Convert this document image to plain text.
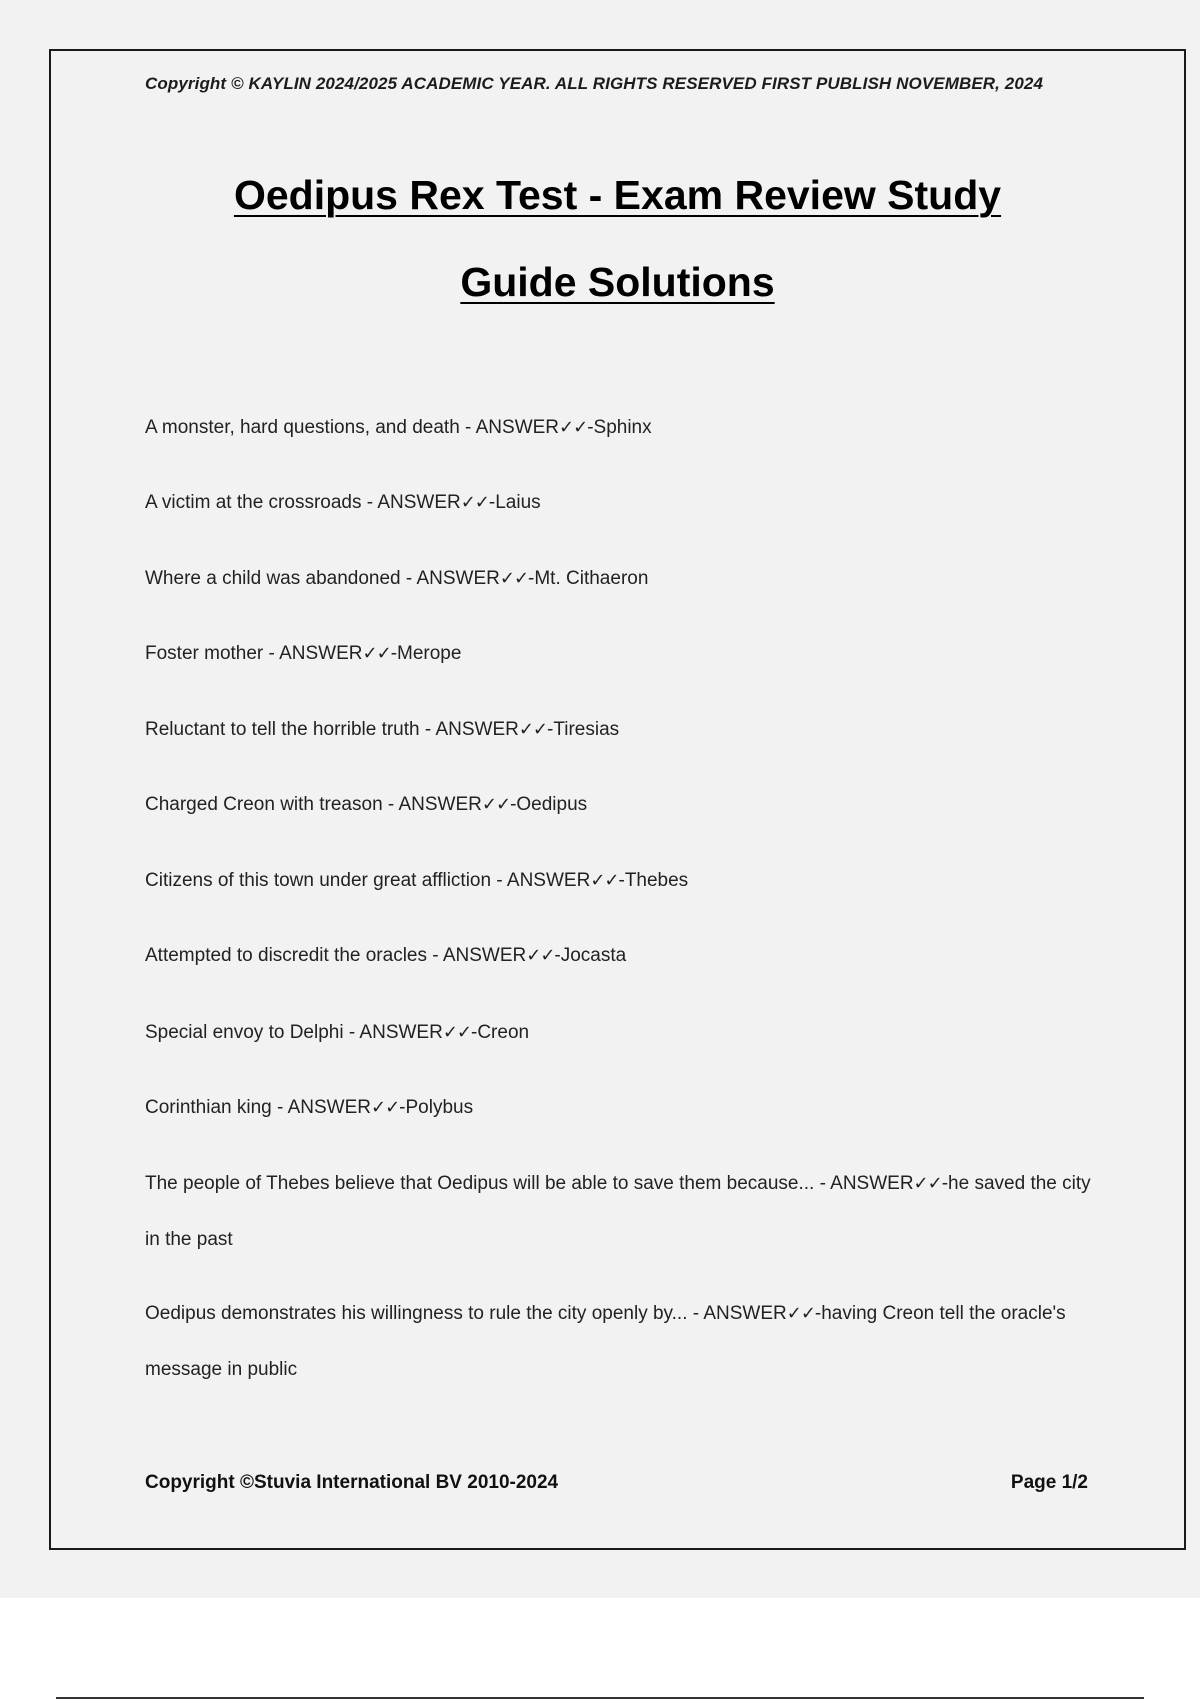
Copyright © KAYLIN 2024/2025 ACADEMIC YEAR. ALL RIGHTS RESERVED FIRST PUBLISH NOVEMBER, 2024
Oedipus Rex Test - Exam Review Study
Guide Solutions
A monster, hard questions, and death - ANSWER✓✓-Sphinx
A victim at the crossroads - ANSWER✓✓-Laius
Where a child was abandoned - ANSWER✓✓-Mt. Cithaeron
Foster mother - ANSWER✓✓-Merope
Reluctant to tell the horrible truth - ANSWER✓✓-Tiresias
Charged Creon with treason - ANSWER✓✓-Oedipus
Citizens of this town under great affliction - ANSWER✓✓-Thebes
Attempted to discredit the oracles - ANSWER✓✓-Jocasta
Special envoy to Delphi - ANSWER✓✓-Creon
Corinthian king - ANSWER✓✓-Polybus
The people of Thebes believe that Oedipus will be able to save them because... - ANSWER✓✓-he saved the city in the past
Oedipus demonstrates his willingness to rule the city openly by... - ANSWER✓✓-having Creon tell the oracle's message in public
Copyright ©Stuvia International BV 2010-2024	Page 1/2
